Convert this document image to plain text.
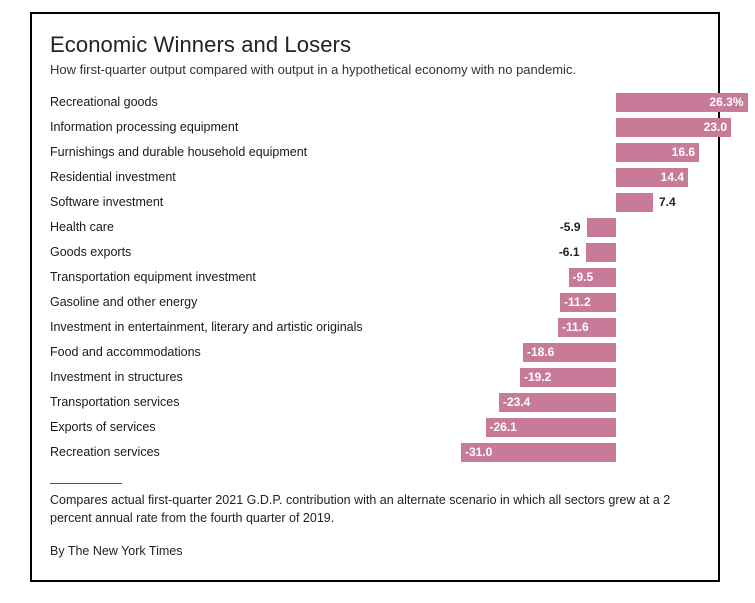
Economic Winners and Losers

How first-quarter output compared with output in a hypothetical economy with no pandemic.

Recreational goods	26.3%
Information processing equipment	23.0
Furnishings and durable household equipment	16.6
Residential investment	14.4
Software investment	7.4
Health care	-5.9
Goods exports	-6.1
Transportation equipment investment	-9.5
Gasoline and other energy	-11.2
Investment in entertainment, literary and artistic originals	-11.6
Food and accommodations	-18.6
Investment in structures	-19.2
Transportation services	-23.4
Exports of services	-26.1
Recreation services	-31.0
Compares actual first-quarter 2021 G.D.P. contribution with an alternate scenario in which all sectors grew at a 2 percent annual rate from the fourth quarter of 2019.
By The New York Times
